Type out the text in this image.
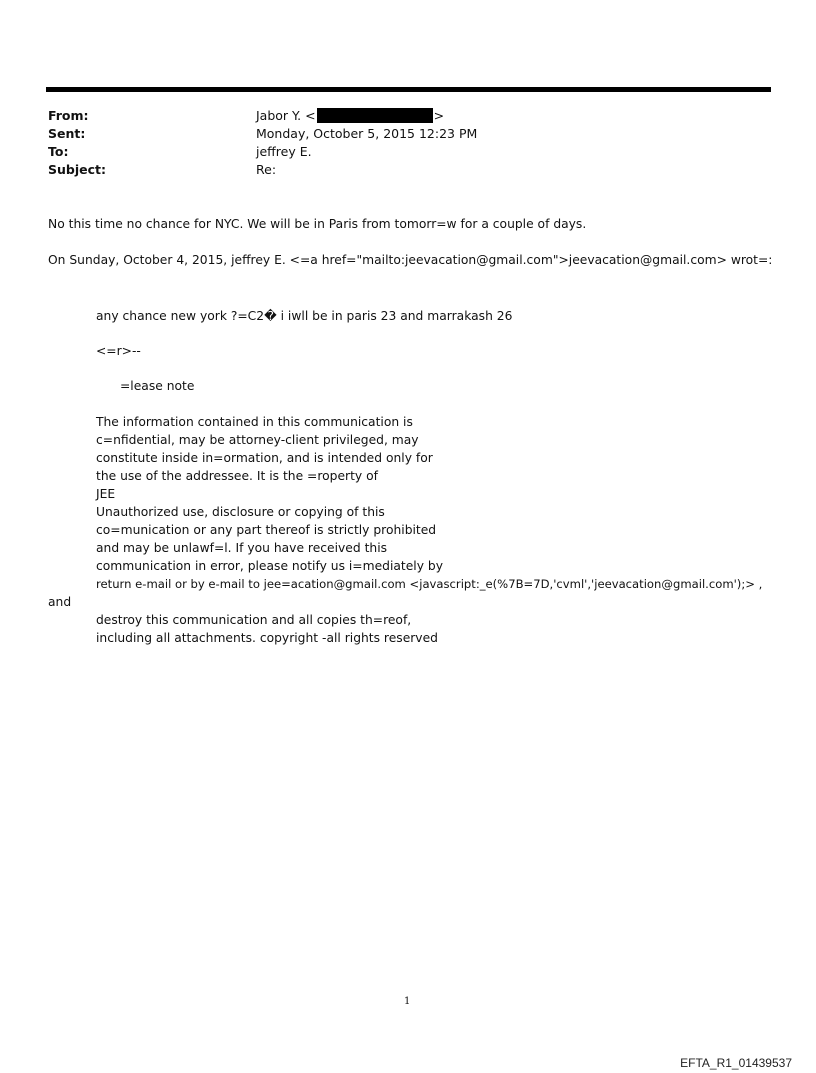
From:
Sent:
To:
Subject:
Jabor Y. <	>
Monday, October 5, 2015 12:23 PM
jeffrey E.
Re:
No this time no chance for NYC. We will be in Paris from tomorr=w for a couple of days.
On Sunday, October 4, 2015, jeffrey E. <=a href="mailto:jeevacation@gmail.com">jeevacation@gmail.com> wrot=:
any chance new york ?=C2� i iwll be in paris 23 and marrakash 26
<=r>--
=lease note
The information contained in this communication is
c=nfidential, may be attorney-client privileged, may
constitute inside in=ormation, and is intended only for
the use of the addressee. It is the =roperty of
JEE
Unauthorized use, disclosure or copying of this
co=munication or any part thereof is strictly prohibited
and may be unlawf=l. If you have received this
communication in error, please notify us i=mediately by
return e-mail or by e-mail to jee=acation@gmail.com <javascript:_e(%7B=7D,'cvml','jeevacation@gmail.com');> ,
and
destroy this communication and all copies th=reof,
including all attachments. copyright -all rights reserved
1
EFTA_R1_01439537
